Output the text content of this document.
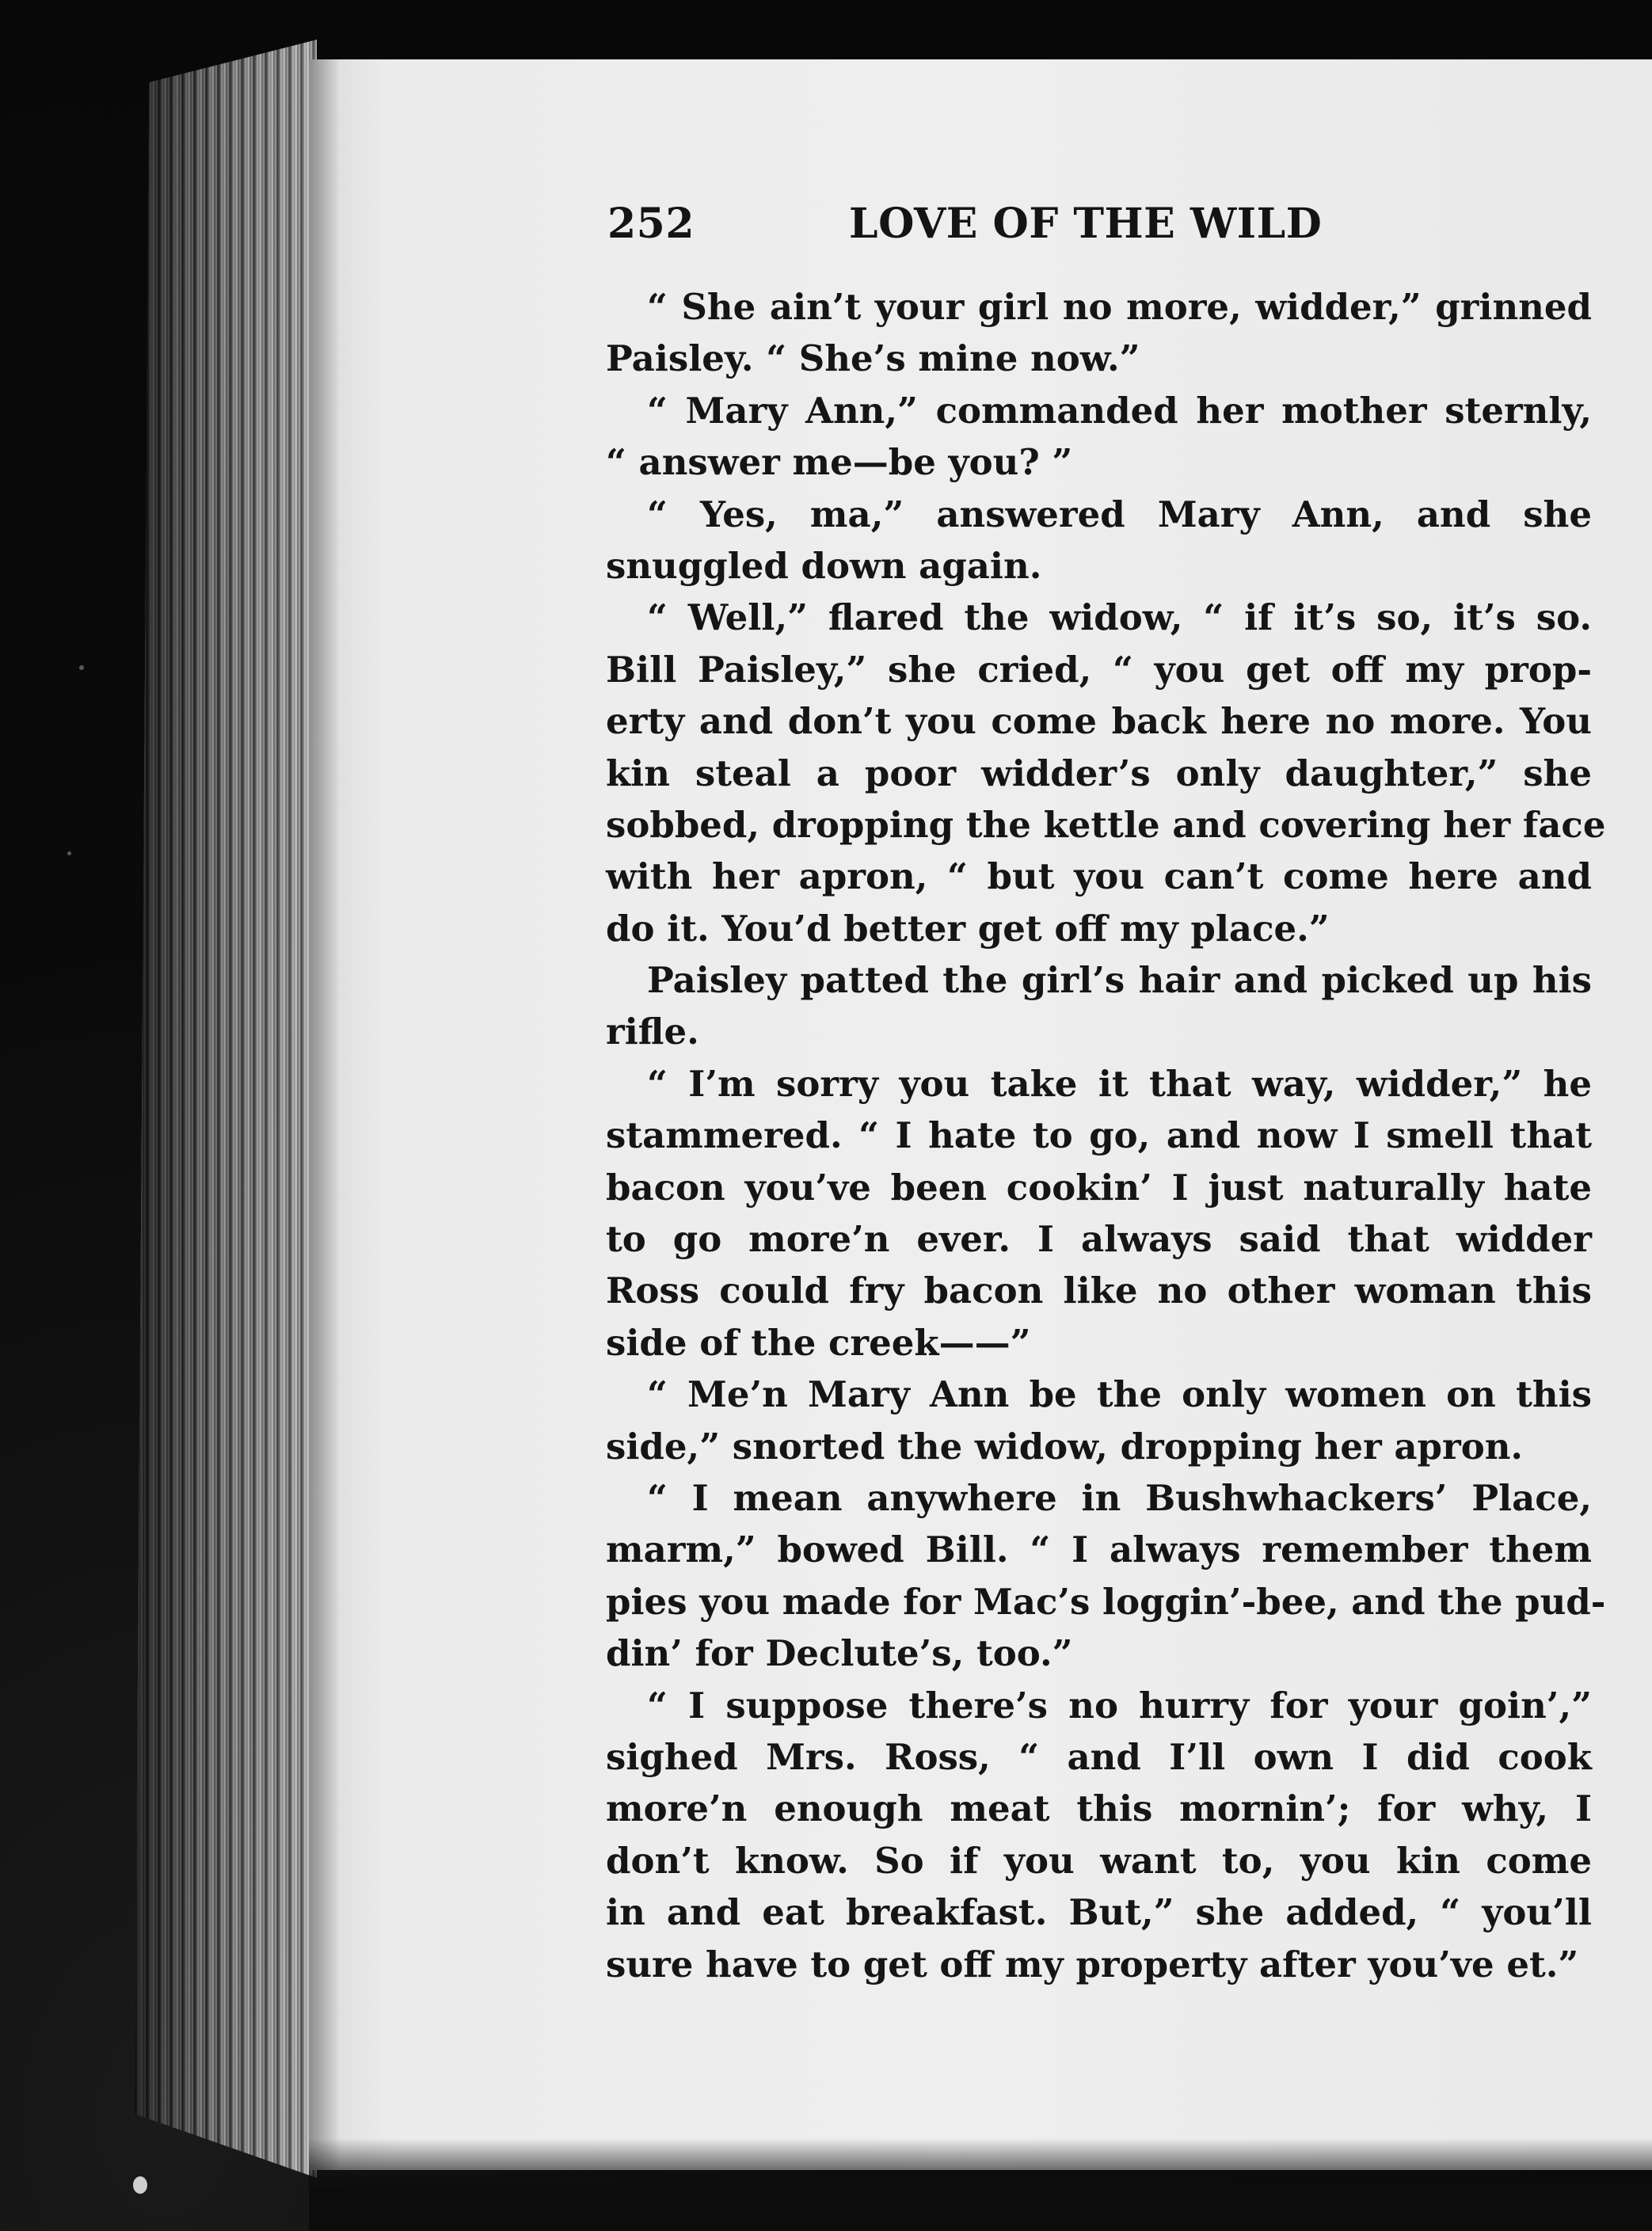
252	LOVE OF THE WILD
“ She ain’t your girl no more, widder,” grinned
Paisley. “ She’s mine now.”
“ Mary Ann,” commanded her mother sternly,
“ answer me—be you? ”
“ Yes, ma,” answered Mary Ann, and she
snuggled down again.
“ Well,” flared the widow, “ if it’s so, it’s so.
Bill Paisley,” she cried, “ you get off my prop-
erty and don’t you come back here no more. You
kin steal a poor widder’s only daughter,” she
sobbed, dropping the kettle and covering her face
with her apron, “ but you can’t come here and
do it. You’d better get off my place.”
Paisley patted the girl’s hair and picked up his
rifle.
“ I’m sorry you take it that way, widder,” he
stammered. “ I hate to go, and now I smell that
bacon you’ve been cookin’ I just naturally hate
to go more’n ever. I always said that widder
Ross could fry bacon like no other woman this
side of the creek——”
“ Me’n Mary Ann be the only women on this
side,” snorted the widow, dropping her apron.
“ I mean anywhere in Bushwhackers’ Place,
marm,” bowed Bill. “ I always remember them
pies you made for Mac’s loggin’-bee, and the pud-
din’ for Declute’s, too.”
“ I suppose there’s no hurry for your goin’,”
sighed Mrs. Ross, “ and I’ll own I did cook
more’n enough meat this mornin’; for why, I
don’t know. So if you want to, you kin come
in and eat breakfast. But,” she added, “ you’ll
sure have to get off my property after you’ve et.”
